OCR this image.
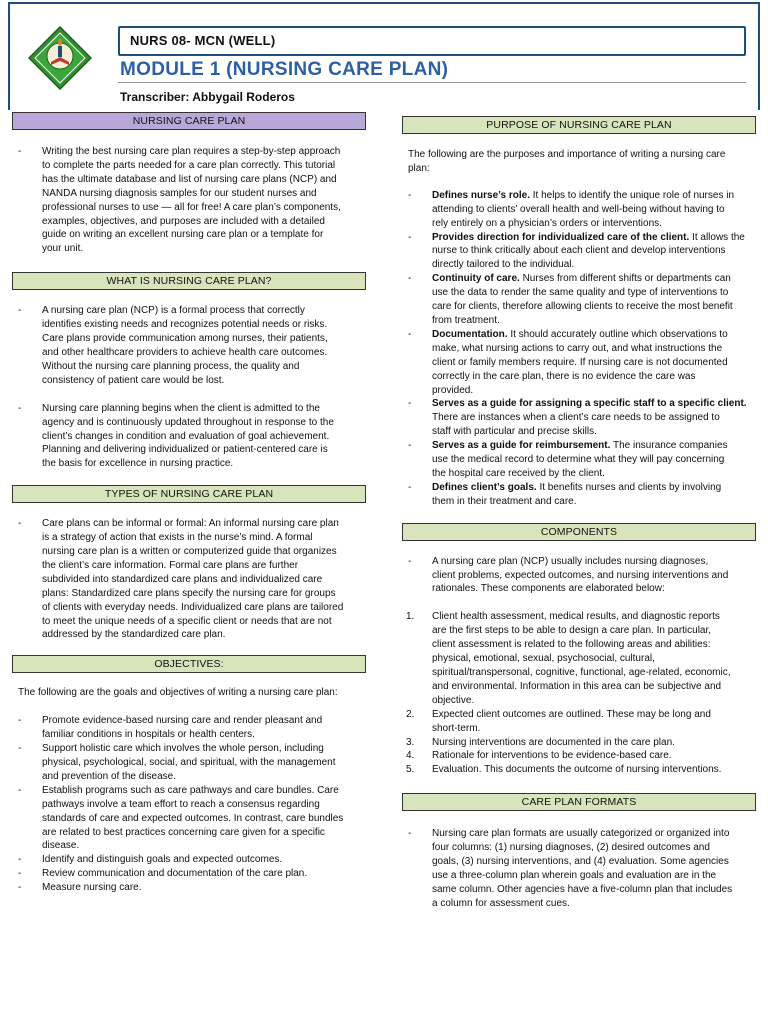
NURS 08- MCN (WELL)
MODULE 1 (NURSING CARE PLAN)
Transcriber: Abbygail Roderos
NURSING CARE PLAN
- Writing the best nursing care plan requires a step-by-step approach
to complete the parts needed for a care plan correctly. This tutorial
has the ultimate database and list of nursing care plans (NCP) and
NANDA nursing diagnosis samples for our student nurses and
professional nurses to use — all for free! A care plan’s components,
examples, objectives, and purposes are included with a detailed
guide on writing an excellent nursing care plan or a template for
your unit.
WHAT IS NURSING CARE PLAN?
- A nursing care plan (NCP) is a formal process that correctly
identifies existing needs and recognizes potential needs or risks.
Care plans provide communication among nurses, their patients,
and other healthcare providers to achieve health care outcomes.
Without the nursing care planning process, the quality and
consistency of patient care would be lost.
- Nursing care planning begins when the client is admitted to the
agency and is continuously updated throughout in response to the
client’s changes in condition and evaluation of goal achievement.
Planning and delivering individualized or patient-centered care is
the basis for excellence in nursing practice.
TYPES OF NURSING CARE PLAN
- Care plans can be informal or formal: An informal nursing care plan
is a strategy of action that exists in the nurse’s mind. A formal
nursing care plan is a written or computerized guide that organizes
the client’s care information. Formal care plans are further
subdivided into standardized care plans and individualized care
plans: Standardized care plans specify the nursing care for groups
of clients with everyday needs. Individualized care plans are tailored
to meet the unique needs of a specific client or needs that are not
addressed by the standardized care plan.
OBJECTIVES:
The following are the goals and objectives of writing a nursing care plan:
- Promote evidence-based nursing care and render pleasant and
familiar conditions in hospitals or health centers.
- Support holistic care which involves the whole person, including
physical, psychological, social, and spiritual, with the management
and prevention of the disease.
- Establish programs such as care pathways and care bundles. Care
pathways involve a team effort to reach a consensus regarding
standards of care and expected outcomes. In contrast, care bundles
are related to best practices concerning care given for a specific
disease.
- Identify and distinguish goals and expected outcomes.
- Review communication and documentation of the care plan.
- Measure nursing care.
PURPOSE OF NURSING CARE PLAN
The following are the purposes and importance of writing a nursing care
plan:
- Defines nurse’s role. It helps to identify the unique role of nurses in
attending to clients’ overall health and well-being without having to
rely entirely on a physician’s orders or interventions.
- Provides direction for individualized care of the client. It allows the
nurse to think critically about each client and develop interventions
directly tailored to the individual.
- Continuity of care. Nurses from different shifts or departments can
use the data to render the same quality and type of interventions to
care for clients, therefore allowing clients to receive the most benefit
from treatment.
- Documentation. It should accurately outline which observations to
make, what nursing actions to carry out, and what instructions the
client or family members require. If nursing care is not documented
correctly in the care plan, there is no evidence the care was
provided.
- Serves as a guide for assigning a specific staff to a specific client.
There are instances when a client’s care needs to be assigned to
staff with particular and precise skills.
- Serves as a guide for reimbursement. The insurance companies
use the medical record to determine what they will pay concerning
the hospital care received by the client.
- Defines client’s goals. It benefits nurses and clients by involving
them in their treatment and care.
COMPONENTS
- A nursing care plan (NCP) usually includes nursing diagnoses,
client problems, expected outcomes, and nursing interventions and
rationales. These components are elaborated below:
1. Client health assessment, medical results, and diagnostic reports
are the first steps to be able to design a care plan. In particular,
client assessment is related to the following areas and abilities:
physical, emotional, sexual, psychosocial, cultural,
spiritual/transpersonal, cognitive, functional, age-related, economic,
and environmental. Information in this area can be subjective and
objective.
2. Expected client outcomes are outlined. These may be long and
short-term.
3. Nursing interventions are documented in the care plan.
4. Rationale for interventions to be evidence-based care.
5. Evaluation. This documents the outcome of nursing interventions.
CARE PLAN FORMATS
- Nursing care plan formats are usually categorized or organized into
four columns: (1) nursing diagnoses, (2) desired outcomes and
goals, (3) nursing interventions, and (4) evaluation. Some agencies
use a three-column plan wherein goals and evaluation are in the
same column. Other agencies have a five-column plan that includes
a column for assessment cues.
